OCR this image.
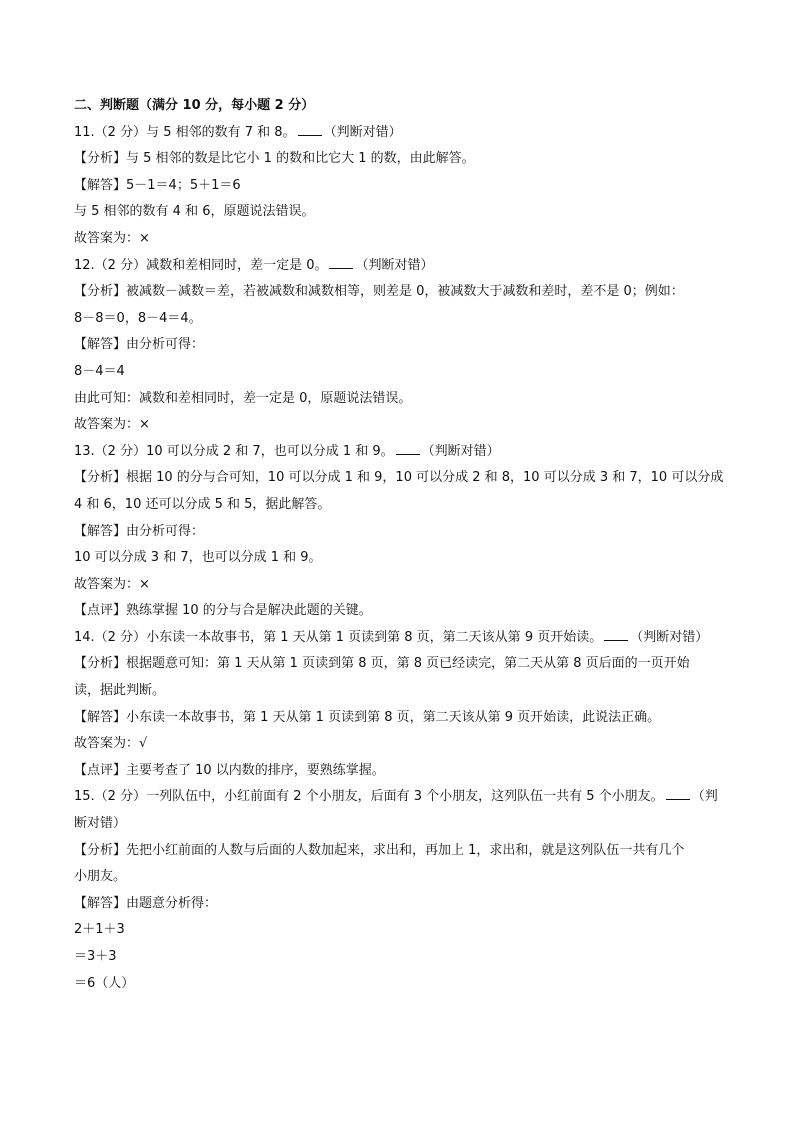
二、判断题（满分 10 分，每小题 2 分）
11.（2 分）与 5 相邻的数有 7 和 8。 （判断对错）
【分析】与 5 相邻的数是比它小 1 的数和比它大 1 的数，由此解答。
【解答】5－1＝4；5＋1＝6
与 5 相邻的数有 4 和 6，原题说法错误。
故答案为：×
12.（2 分）减数和差相同时，差一定是 0。 （判断对错）
【分析】被减数－减数＝差，若被减数和减数相等，则差是 0，被减数大于减数和差时，差不是 0；例如：
8－8＝0，8－4＝4。
【解答】由分析可得：
8－4＝4
由此可知：减数和差相同时，差一定是 0，原题说法错误。
故答案为：×
13.（2 分）10 可以分成 2 和 7，也可以分成 1 和 9。 （判断对错）
【分析】根据 10 的分与合可知，10 可以分成 1 和 9，10 可以分成 2 和 8，10 可以分成 3 和 7，10 可以分成
4 和 6，10 还可以分成 5 和 5，据此解答。
【解答】由分析可得：
10 可以分成 3 和 7，也可以分成 1 和 9。
故答案为：×
【点评】熟练掌握 10 的分与合是解决此题的关键。
14.（2 分）小东读一本故事书，第 1 天从第 1 页读到第 8 页，第二天该从第 9 页开始读。 （判断对错）
【分析】根据题意可知：第 1 天从第 1 页读到第 8 页，第 8 页已经读完，第二天从第 8 页后面的一页开始
读，据此判断。
【解答】小东读一本故事书，第 1 天从第 1 页读到第 8 页，第二天该从第 9 页开始读，此说法正确。
故答案为：√
【点评】主要考查了 10 以内数的排序，要熟练掌握。
15.（2 分）一列队伍中，小红前面有 2 个小朋友，后面有 3 个小朋友，这列队伍一共有 5 个小朋友。 （判
断对错）
【分析】先把小红前面的人数与后面的人数加起来，求出和，再加上 1，求出和，就是这列队伍一共有几个
小朋友。
【解答】由题意分析得：
2＋1＋3
＝3＋3
＝6（人）
